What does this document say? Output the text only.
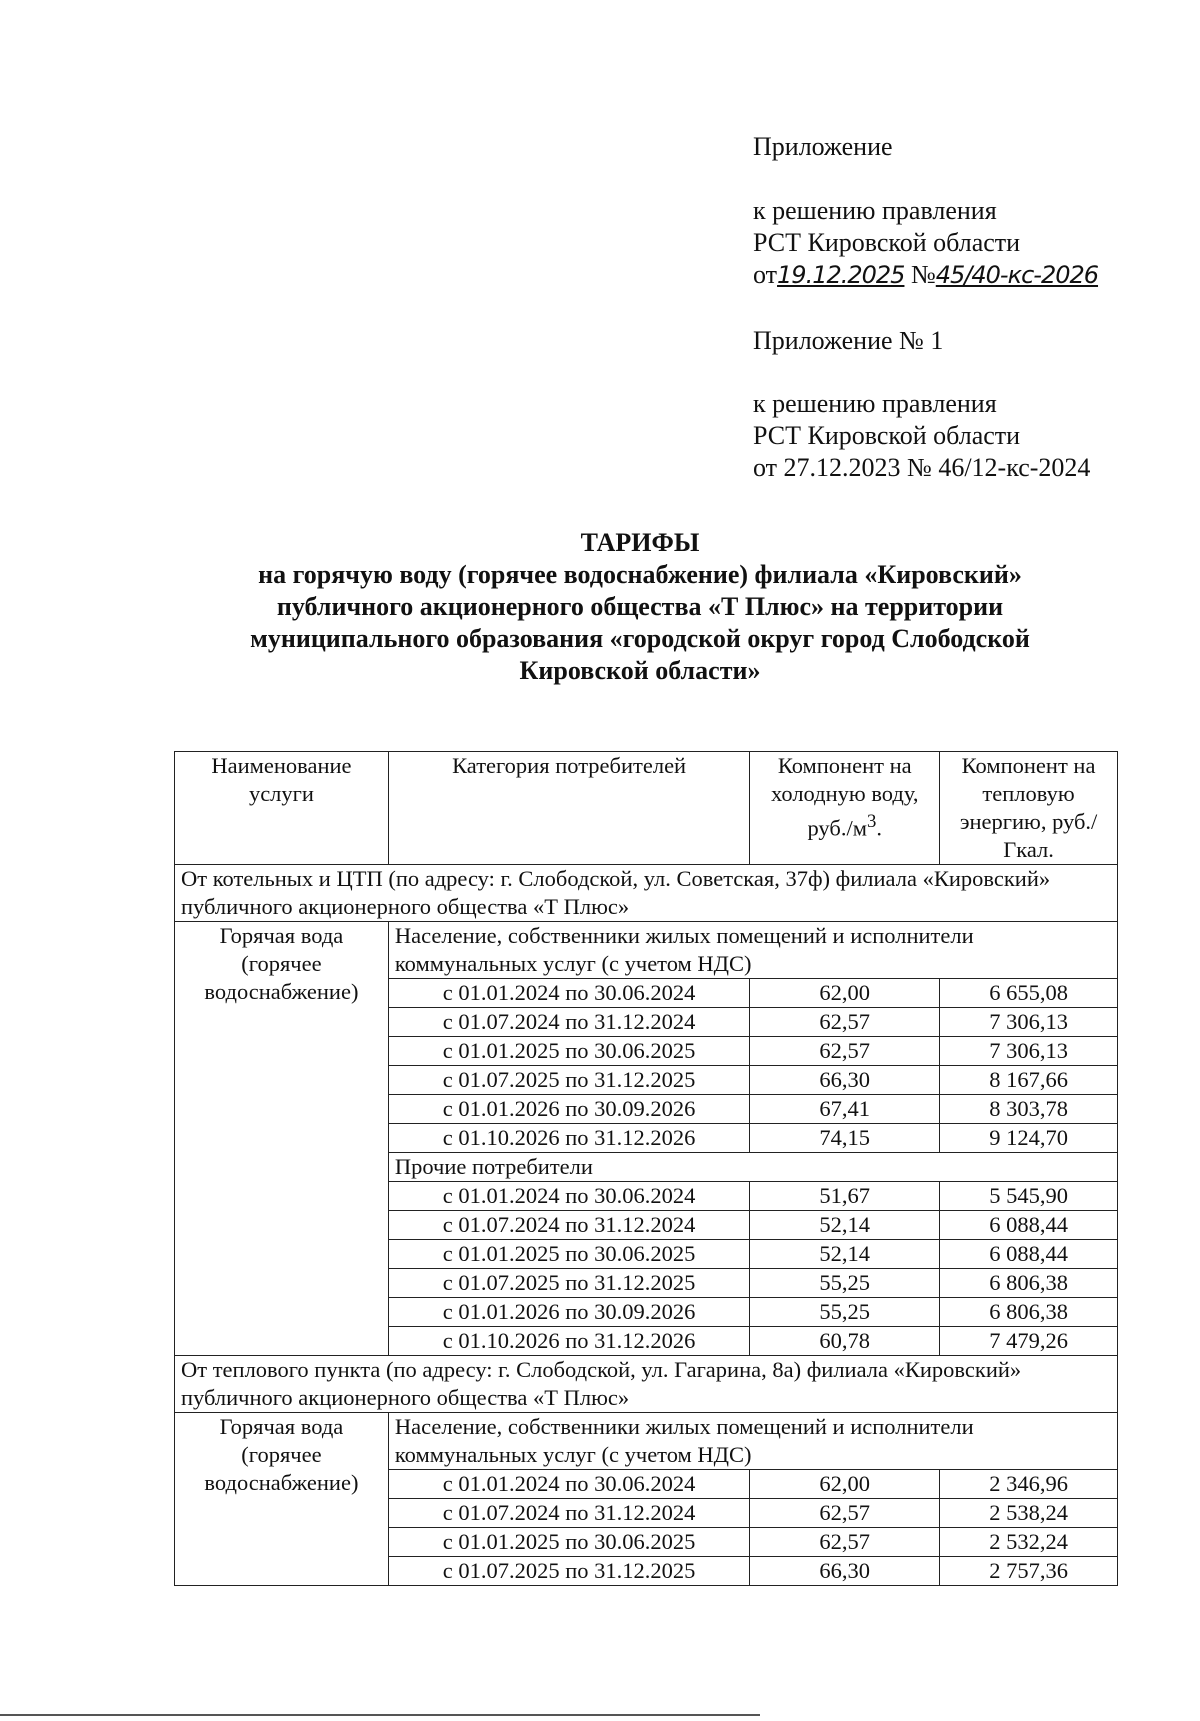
Приложение

к решению правления

РСТ Кировской области

от19.12.2025 №45/40-кс-2026

Приложение № 1

к решению правления

РСТ Кировской области

от 27.12.2023 № 46/12-кс-2024

ТАРИФЫ
на горячую воду (горячее водоснабжение) филиала «Кировский»
публичного акционерного общества «Т Плюс» на территории
муниципального образования «городской округ город Слободской
Кировской области»
Наименование услуги	Категория потребителей	Компонент на холодную воду, $руб./м^3$.	Компонент на тепловую энергию, руб./Гкал.
От котельных и ЦТП (по адресу: г. Слободской, ул. Советская, 37ф) филиала «Кировский» публичного акционерного общества «Т Плюс»			
Горячая вода (горячее водоснабжение)	Население, собственники жилых помещений и исполнители коммунальных услуг (с учетом НДС)		
	с 01.01.2024 по 30.06.2024	62,00	6 655,08
	с 01.07.2024 по 31.12.2024	62,57	7 306,13
	с 01.01.2025 по 30.06.2025	62,57	7 306,13
	с 01.07.2025 по 31.12.2025	66,30	8 167,66
	с 01.01.2026 по 30.09.2026	67,41	8 303,78
	с 01.10.2026 по 31.12.2026	74,15	9 124,70
	Прочие потребители		
	с 01.01.2024 по 30.06.2024	51,67	5 545,90
	с 01.07.2024 по 31.12.2024	52,14	6 088,44
	с 01.01.2025 по 30.06.2025	52,14	6 088,44
	с 01.07.2025 по 31.12.2025	55,25	6 806,38
	с 01.01.2026 по 30.09.2026	55,25	6 806,38
	с 01.10.2026 по 31.12.2026	60,78	7 479,26
От теплового пункта (по адресу: г. Слободской, ул. Гагарина, 8а) филиала «Кировский» публичного акционерного общества «Т Плюс»			
Горячая вода (горячее водоснабжение)	Население, собственники жилых помещений и исполнители коммунальных услуг (с учетом НДС)		
	с 01.01.2024 по 30.06.2024	62,00	2 346,96
	с 01.07.2024 по 31.12.2024	62,57	2 538,24
	с 01.01.2025 по 30.06.2025	62,57	2 532,24
	с 01.07.2025 по 31.12.2025	66,30	2 757,36
